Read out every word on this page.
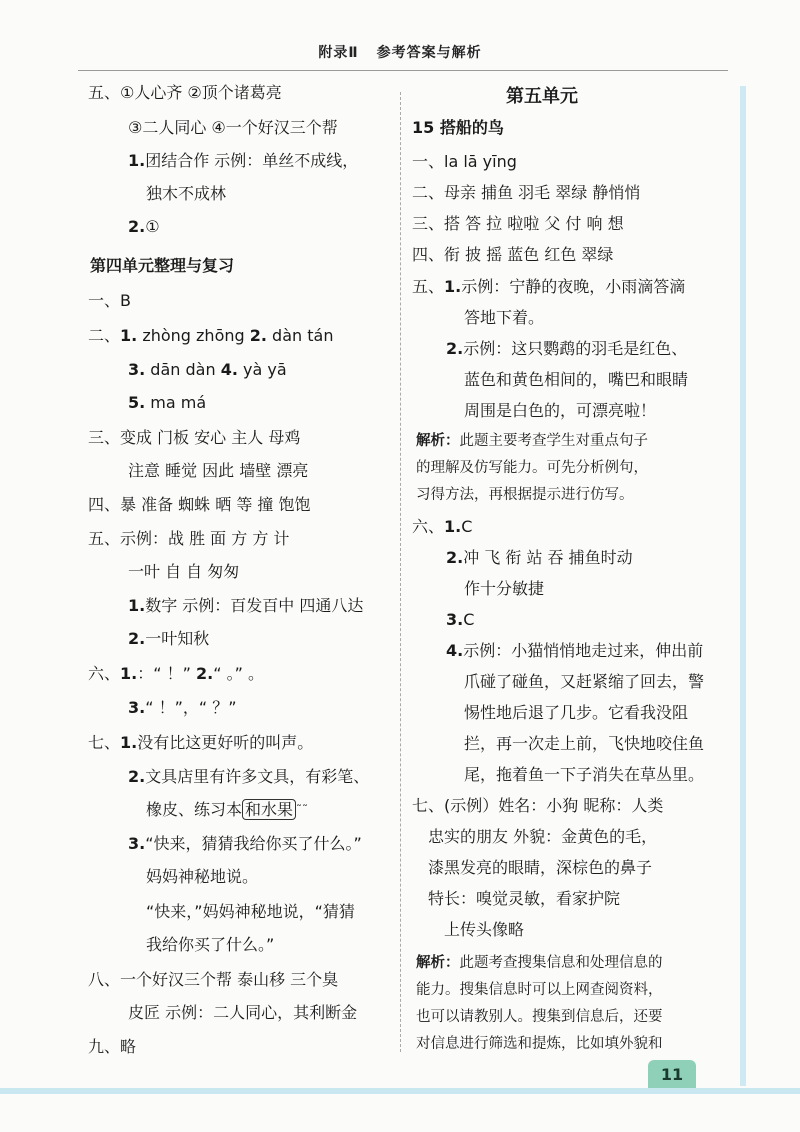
附录Ⅱ 参考答案与解析
五、①人心齐 ②顶个诸葛亮
③二人同心 ④一个好汉三个帮
1.团结合作 示例：单丝不成线，
独木不成林
2.①
第四单元整理与复习
一、B
二、1. zhòng zhōng 2. dàn tán
3. dān dàn 4. yà yā
5. ma má
三、变成 门板 安心 主人 母鸡
注意 睡觉 因此 墙壁 漂亮
四、暴 准备 蜘蛛 晒 等 撞 饱饱
五、示例：战 胜 面 方 方 计
一叶 自 自 匆匆
1.数字 示例：百发百中 四通八达
2.一叶知秋
六、1.：“ ！” 2.“ 。” 。
3.“ ！”，“ ？”
七、1.没有比这更好听的叫声。
2.文具店里有许多文具，有彩笔、
橡皮、练习本 和水果 ˜˜
3.“快来，猜猜我给你买了什么。”
妈妈神秘地说。
“快来，”妈妈神秘地说，“猜猜
我给你买了什么。”
八、一个好汉三个帮 泰山移 三个臭
皮匠 示例：二人同心，其利断金
九、略
第五单元
15 搭船的鸟
一、la lā yīng
二、母亲 捕鱼 羽毛 翠绿 静悄悄
三、搭 答 拉 啦啦 父 付 响 想
四、衔 披 摇 蓝色 红色 翠绿
五、1.示例：宁静的夜晚，小雨滴答滴
答地下着。
2.示例：这只鹦鹉的羽毛是红色、
蓝色和黄色相间的，嘴巴和眼睛
周围是白色的，可漂亮啦！
解析：此题主要考查学生对重点句子
的理解及仿写能力。可先分析例句，
习得方法，再根据提示进行仿写。
六、1.C
2.冲 飞 衔 站 吞 捕鱼时动
作十分敏捷
3.C
4.示例：小猫悄悄地走过来，伸出前
爪碰了碰鱼，又赶紧缩了回去，警
惕性地后退了几步。它看我没阻
拦，再一次走上前，飞快地咬住鱼
尾，拖着鱼一下子消失在草丛里。
七、(示例）姓名：小狗 昵称：人类
忠实的朋友 外貌：金黄色的毛，
漆黑发亮的眼睛，深棕色的鼻子
特长：嗅觉灵敏，看家护院
上传头像略
解析：此题考查搜集信息和处理信息的
能力。搜集信息时可以上网查阅资料，
也可以请教别人。搜集到信息后，还要
对信息进行筛选和提炼，比如填外貌和
11
